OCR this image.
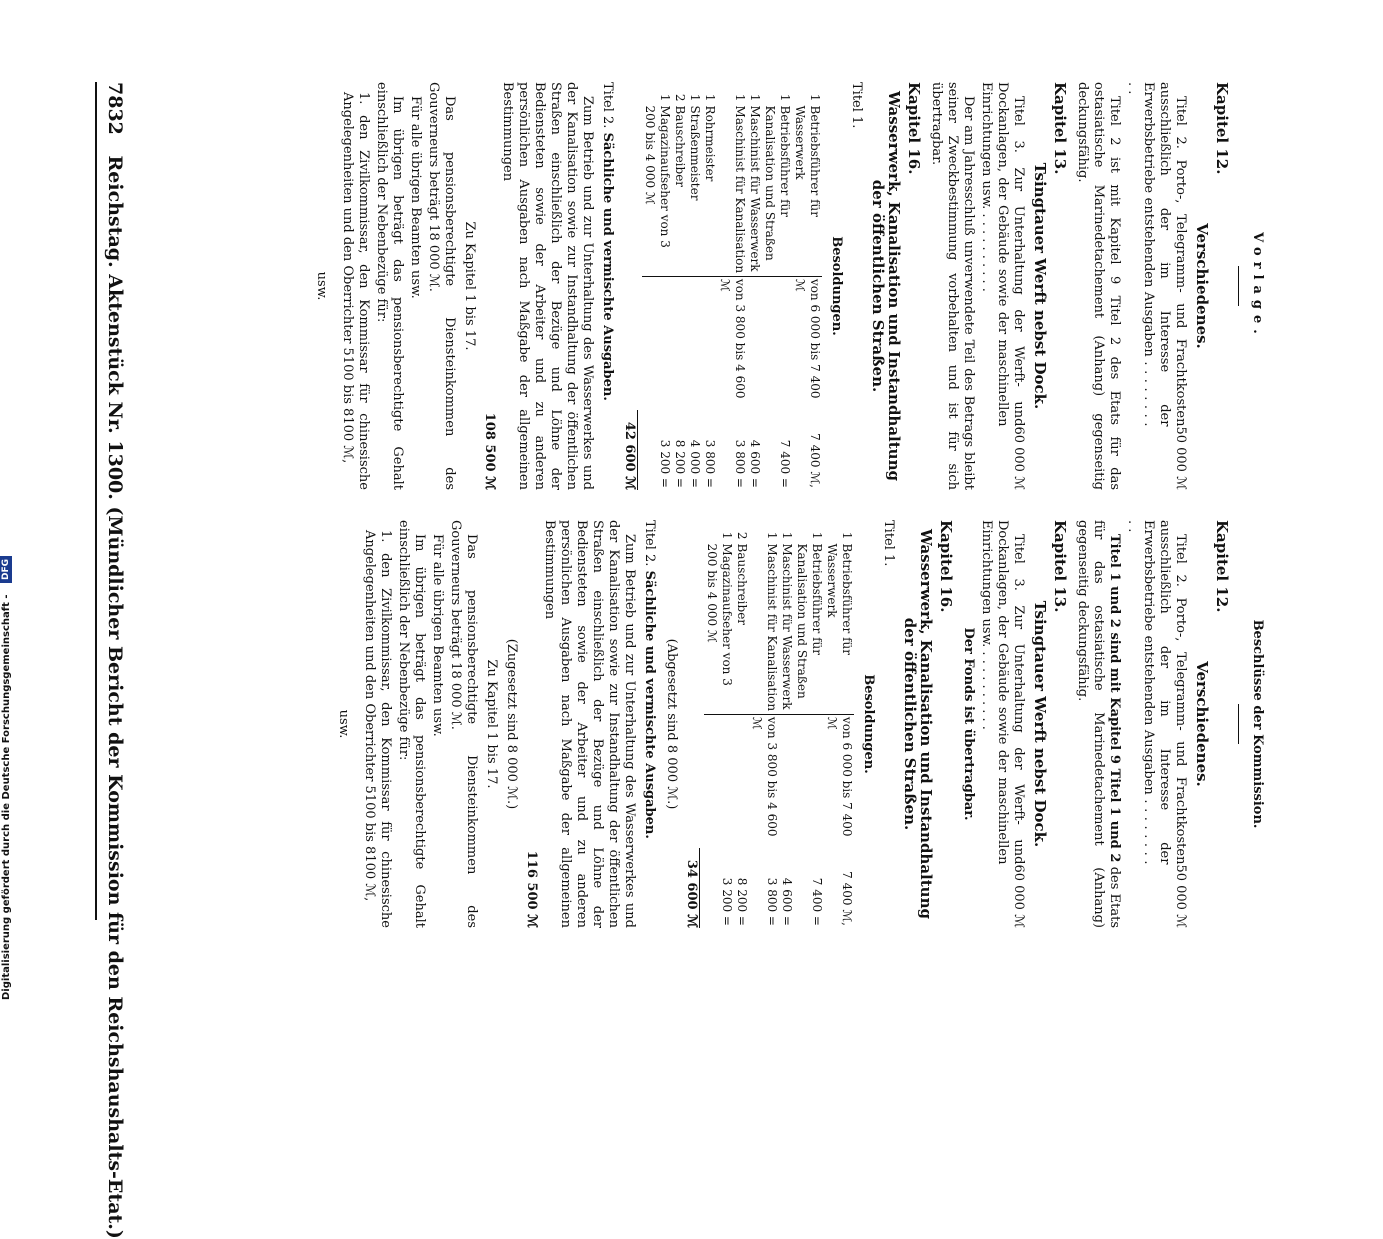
7832 Reichstag. Aktenstück Nr. 1300. (Mündlicher Bericht der Kommission für den Reichshaushalts-Etat.)	Vorlage.
Kapitel 12.
Verschiedenes.
Titel 2. Porto-, Telegramm- und Frachtkosten ausschließlich der im Interesse der Erwerbsbetriebe entstehenden Ausgaben . . . . . . . . . .
50 000 ℳ
Titel 2 ist mit Kapitel 9 Titel 2 des Etats für das ostasiatische Marinedetachement (Anhang) gegenseitig deckungsfähig.
Kapitel 13.
Tsingtauer Werft nebst Dock.
Titel 3. Zur Unterhaltung der Werft- und Dockanlagen, der Gebäude sowie der maschinellen Einrichtungen usw. . . . . . . . . . .
60 000 ℳ
Der am Jahresschluß unverwendete Teil des Betrags bleibt seiner Zweckbestimmung vorbehalten und ist für sich übertragbar.
Kapitel 16.
Wasserwerk, Kanalisation und Instandhaltung der öffentlichen Straßen.
Titel 1.
Besoldungen.
1	Betriebsführer für Wasserwerk	von 6 000 bis 7 400 ℳ	7 400 ℳ,
1	Betriebsführer für Kanalisation und Straßen		7 400 =
1	Maschinist für Wasserwerk		4 600 =
1	Maschinist für Kanalisation	von 3 800 bis 4 600 ℳ	3 800 =
1	Rohrmeister		3 800 =
1	Straßenmeister		4 000 =
2	Bauschreiber		8 200 =
1	Magazinaufseher von 3 200 bis 4 000 ℳ		3 200 =
42 600 ℳ
Titel 2. Sächliche und vermischte Ausgaben.
Zum Betrieb und zur Unterhaltung des Wasserwerkes und der Kanalisation sowie zur Instandhaltung der öffentlichen Straßen einschließlich der Bezüge und Löhne der Bediensteten sowie der Arbeiter und zu anderen persönlichen Ausgaben nach Maßgabe der allgemeinen Bestimmungen
108 500 ℳ
Zu Kapitel 1 bis 17.
Das pensionsberechtigte Diensteinkommen des Gouverneurs beträgt 18 000 ℳ.
Für alle übrigen Beamten usw.
Im übrigen beträgt das pensionsberechtigte Gehalt einschließlich der Nebenbezüge für:
1. den Zivilkommissar, den Kommissar für chinesische Angelegenheiten und den Oberrichter 5100 bis 8100 ℳ,
usw.
Beschlüsse der Kommission.
Kapitel 12.
Verschiedenes.
Titel 2. Porto-, Telegramm- und Frachtkosten ausschließlich der im Interesse der Erwerbsbetriebe entstehenden Ausgaben . . . . . . . . . .
50 000 ℳ
Titel 1 und 2 sind mit Kapitel 9 Titel 1 und 2 des Etats für das ostasiatische Marinedetachement (Anhang) gegenseitig deckungsfähig.
Kapitel 13.
Tsingtauer Werft nebst Dock.
Titel 3. Zur Unterhaltung der Werft- und Dockanlagen, der Gebäude sowie der maschinellen Einrichtungen usw. . . . . . . . . . .
60 000 ℳ
Der Fonds ist übertragbar.
Kapitel 16.
Wasserwerk, Kanalisation und Instandhaltung der öffentlichen Straßen.
Titel 1.
Besoldungen.
1	Betriebsführer für Wasserwerk	von 6 000 bis 7 400 ℳ	7 400 ℳ,
1	Betriebsführer für Kanalisation und Straßen		7 400 =
1	Maschinist für Wasserwerk		4 600 =
1	Maschinist für Kanalisation	von 3 800 bis 4 600 ℳ	3 800 =
2	Bauschreiber		8 200 =
1	Magazinaufseher von 3 200 bis 4 000 ℳ		3 200 =
34 600 ℳ
(Abgesetzt sind 8 000 ℳ.)
Titel 2. Sächliche und vermischte Ausgaben.
Zum Betrieb und zur Unterhaltung des Wasserwerkes und der Kanalisation sowie zur Instandhaltung der öffentlichen Straßen einschließlich der Bezüge und Löhne der Bediensteten sowie der Arbeiter und zu anderen persönlichen Ausgaben nach Maßgabe der allgemeinen Bestimmungen
116 500 ℳ
(Zugesetzt sind 8 000 ℳ.)
Zu Kapitel 1 bis 17.
Das pensionsberechtigte Diensteinkommen des Gouverneurs beträgt 18 000 ℳ.
Für alle übrigen Beamten usw.
Im übrigen beträgt das pensionsberechtigte Gehalt einschließlich der Nebenbezüge für:
1. den Zivilkommissar, den Kommissar für chinesische Angelegenheiten und den Oberrichter 5100 bis 8100 ℳ,
usw.
Digitalisierung gefördert durch die Deutsche Forschungsgemeinschaft - DFG
